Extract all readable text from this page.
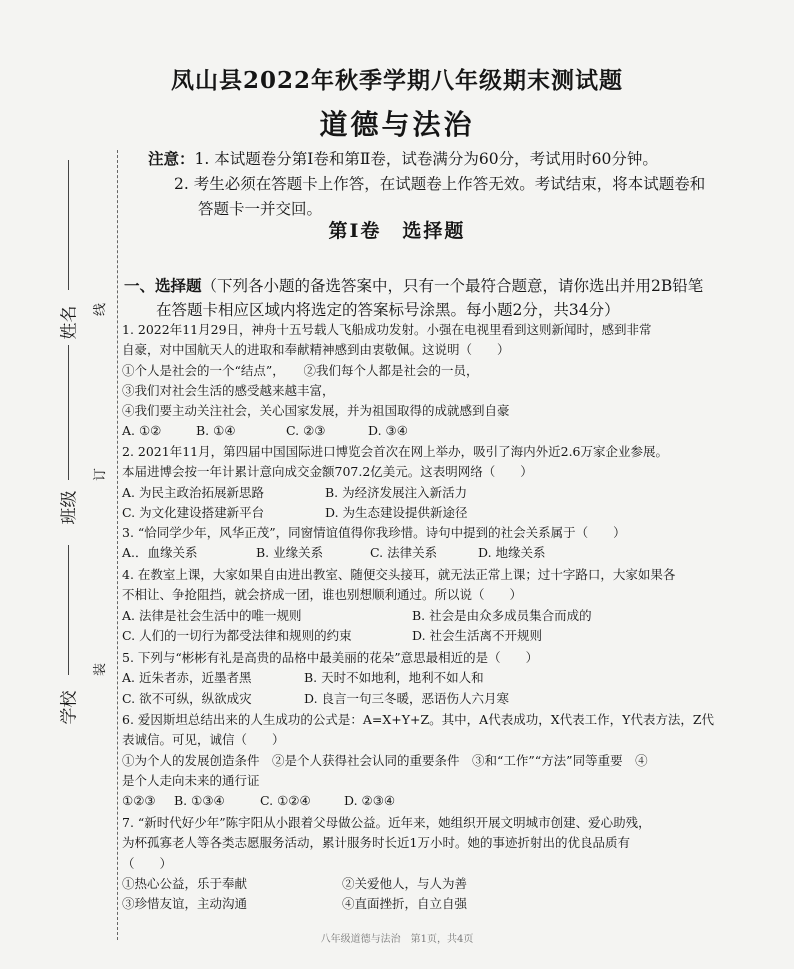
凤山县2022年秋季学期八年级期末测试题
道德与法治
线
订
装
姓名
班级
学校
注意：1. 本试题卷分第Ⅰ卷和第Ⅱ卷，试卷满分为60分，考试用时60分钟。
2. 考生必须在答题卡上作答，在试题卷上作答无效。考试结束，将本试题卷和
答题卡一并交回。
第Ⅰ卷　选择题
一、选择题（下列各小题的备选答案中，只有一个最符合题意，请你选出并用2B铅笔
在答题卡相应区域内将选定的答案标号涂黑。每小题2分，共34分）
1. 2022年11月29日，神舟十五号载人飞船成功发射。小强在电视里看到这则新闻时，感到非常
自豪，对中国航天人的进取和奉献精神感到由衷敬佩。这说明（　　）
①个人是社会的一个“结点”，　　②我们每个人都是社会的一员，
③我们对社会生活的感受越来越丰富，
④我们要主动关注社会，关心国家发展，并为祖国取得的成就感到自豪
A. ①②	B. ①④	C. ②③	D. ③④
2. 2021年11月，第四届中国国际进口博览会首次在网上举办，吸引了海内外近2.6万家企业参展。
本届进博会按一年计累计意向成交金额707.2亿美元。这表明网络（　　）
A. 为民主政治拓展新思路	B. 为经济发展注入新活力
C. 为文化建设搭建新平台	D. 为生态建设提供新途径
3. “恰同学少年，风华正茂”，同窗情谊值得你我珍惜。诗句中提到的社会关系属于（　　）
A.．血缘关系	B. 业缘关系	C. 法律关系	D. 地缘关系
4. 在教室上课，大家如果自由进出教室、随便交头接耳，就无法正常上课；过十字路口，大家如果各
不相让、争抢阻挡，就会挤成一团，谁也别想顺利通过。所以说（　　）
A. 法律是社会生活中的唯一规则	B. 社会是由众多成员集合而成的
C. 人们的一切行为都受法律和规则的约束	D. 社会生活离不开规则
5. 下列与“彬彬有礼是高贵的品格中最美丽的花朵”意思最相近的是（　　）
A. 近朱者赤，近墨者黑	B. 天时不如地利，地利不如人和
C. 欲不可纵，纵欲成灾	D. 良言一句三冬暖，恶语伤人六月寒
6. 爱因斯坦总结出来的人生成功的公式是：A=X+Y+Z。其中，A代表成功，X代表工作，Y代表方法，Z代
表诚信。可见，诚信（　　）
①为个人的发展创造条件　②是个人获得社会认同的重要条件　③和“工作”“方法”同等重要　④
是个人走向未来的通行证
①②③	B. ①③④	C. ①②④	D. ②③④
7. “新时代好少年”陈宇阳从小跟着父母做公益。近年来，她组织开展文明城市创建、爱心助残，
为杯孤寡老人等各类志愿服务活动，累计服务时长近1万小时。她的事迹折射出的优良品质有
（　　）
①热心公益，乐于奉献	②关爱他人，与人为善
③珍惜友谊，主动沟通	④直面挫折，自立自强
八年级道德与法治　第1页，共4页
